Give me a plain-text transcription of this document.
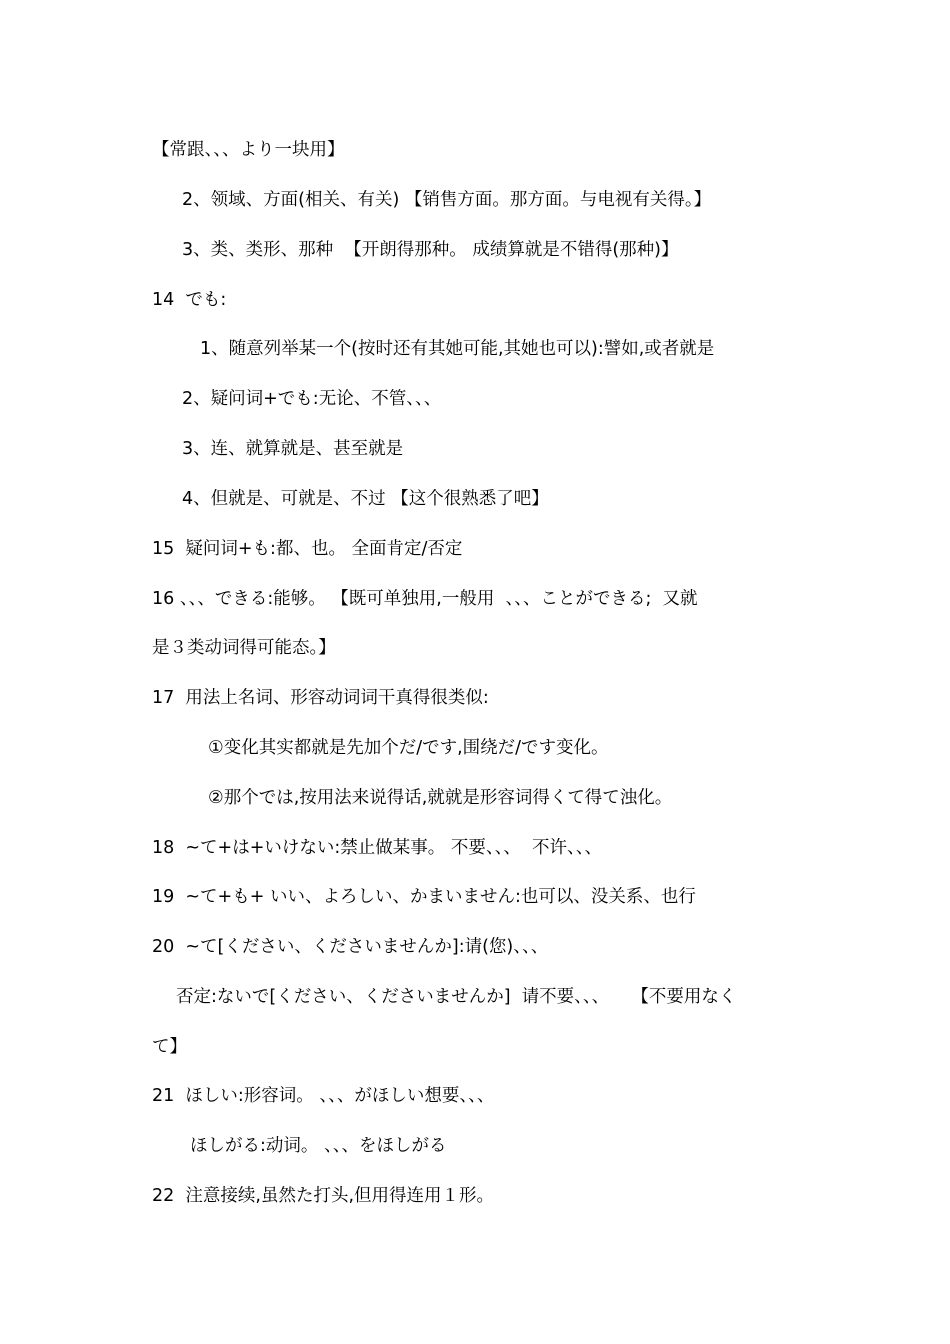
【常跟、、、より一块用】
2、领域、方面(相关、有关) 【销售方面。那方面。与电视有关得。】
3、类、类形、那种  【开朗得那种。 成绩算就是不错得(那种)】
14  でも:
1、随意列举某一个(按时还有其她可能,其她也可以):譬如,或者就是
2、疑问词+でも:无论、不管、、、
3、连、就算就是、甚至就是
4、但就是、可就是、不过 【这个很熟悉了吧】
15  疑问词+も:都、也。 全面肯定/否定
16 、、、できる:能够。 【既可单独用,一般用  、、、ことができる;  又就
是３类动词得可能态。】
17  用法上名词、形容动词词干真得很类似:
①变化其实都就是先加个だ/です,围绕だ/です变化。
②那个では,按用法来说得话,就就是形容词得くて得て浊化。
18  ~て+は+いけない:禁止做某事。 不要、、、  不许、、、
19  ~て+も+ いい、よろしい、かまいません:也可以、没关系、也行
20  ~て[ください、くださいませんか]:请(您)、、、
否定:ないで[ください、くださいませんか]  请不要、、、    【不要用なく
て】
21  ほしい:形容词。 、、、がほしい想要、、、
ほしがる:动词。 、、、をほしがる
22  注意接续,虽然た打头,但用得连用１形。
